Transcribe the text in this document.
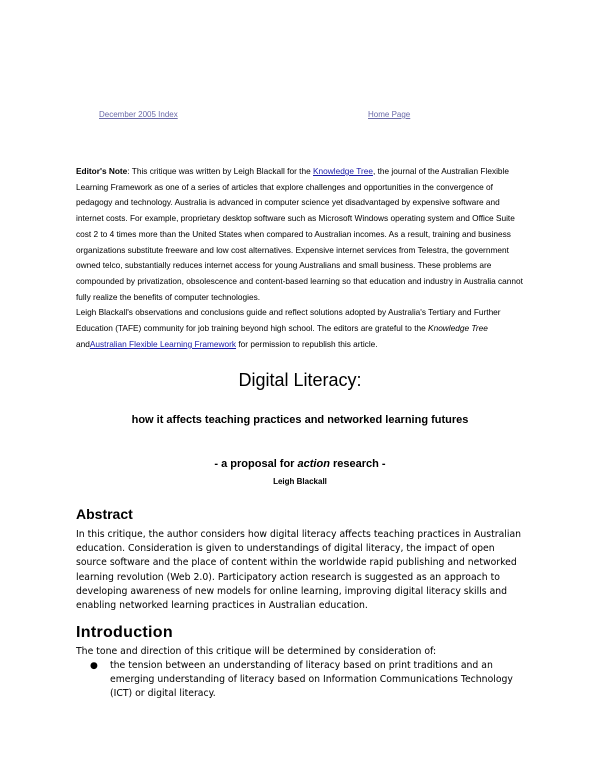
December 2005 Index	Home Page

Editor's Note: This critique was written by Leigh Blackall for the Knowledge Tree, the journal of the Australian Flexible Learning Framework as one of a series of articles that explore challenges and opportunities in the convergence of pedagogy and technology. Australia is advanced in computer science yet disadvantaged by expensive software and internet costs. For example, proprietary desktop software such as Microsoft Windows operating system and Office Suite cost 2 to 4 times more than the United States when compared to Australian incomes. As a result, training and business organizations substitute freeware and low cost alternatives. Expensive internet services from Telestra, the government owned telco, substantially reduces internet access for young Australians and small business. These problems are compounded by privatization, obsolescence and content-based learning so that education and industry in Australia cannot fully realize the benefits of computer technologies.

Leigh Blackall's observations and conclusions guide and reflect solutions adopted by Australia's Tertiary and Further Education (TAFE) community for job training beyond high school. The editors are grateful to the Knowledge Tree andAustralian Flexible Learning Framework for permission to republish this article.

Digital Literacy:
how it affects teaching practices and networked learning futures
- a proposal for action research -
Leigh Blackall
Abstract

In this critique, the author considers how digital literacy affects teaching practices in Australian education. Consideration is given to understandings of digital literacy, the impact of open source software and the place of content within the worldwide rapid publishing and networked learning revolution (Web 2.0). Participatory action research is suggested as an approach to developing awareness of new models for online learning, improving digital literacy skills and enabling networked learning practices in Australian education.

Introduction

The tone and direction of this critique will be determined by consideration of:

● the tension between an understanding of literacy based on print traditions and an emerging understanding of literacy based on Information Communications Technology (ICT) or digital literacy.
